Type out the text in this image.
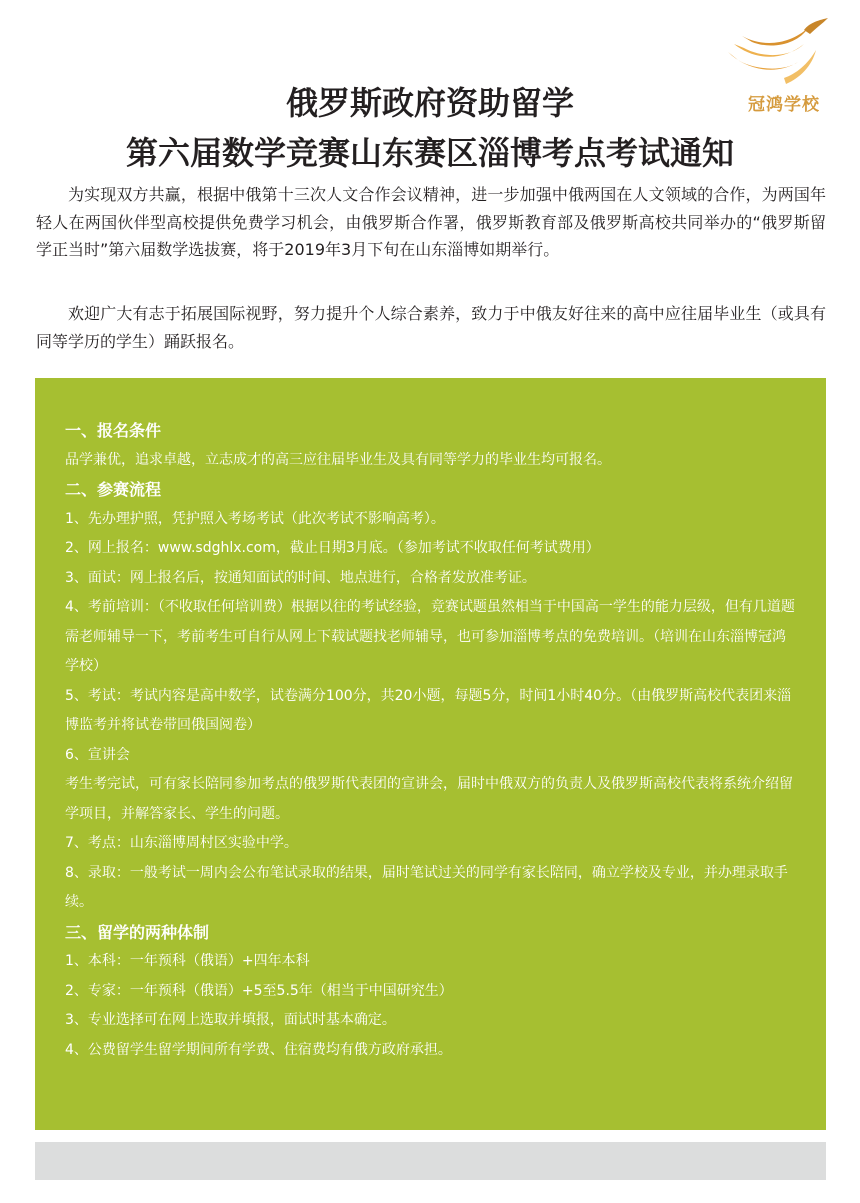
冠鸿学校
俄罗斯政府资助留学
第六届数学竞赛山东赛区淄博考点考试通知

为实现双方共赢，根据中俄第十三次人文合作会议精神，进一步加强中俄两国在人文领域的合作，为两国年轻人在两国伙伴型高校提供免费学习机会，由俄罗斯合作署，俄罗斯教育部及俄罗斯高校共同举办的“俄罗斯留学正当时”第六届数学选拔赛，将于2019年3月下旬在山东淄博如期举行。

欢迎广大有志于拓展国际视野，努力提升个人综合素养，致力于中俄友好往来的高中应往届毕业生（或具有同等学历的学生）踊跃报名。

一、报名条件

品学兼优，追求卓越，立志成才的高三应往届毕业生及具有同等学力的毕业生均可报名。

二、参赛流程

1、先办理护照，凭护照入考场考试（此次考试不影响高考）。

2、网上报名：www.sdghlx.com，截止日期3月底。（参加考试不收取任何考试费用）

3、面试：网上报名后，按通知面试的时间、地点进行，合格者发放准考证。

4、考前培训：（不收取任何培训费）根据以往的考试经验，竞赛试题虽然相当于中国高一学生的能力层级，但有几道题需老师辅导一下，考前考生可自行从网上下载试题找老师辅导，也可参加淄博考点的免费培训。（培训在山东淄博冠鸿学校）

5、考试：考试内容是高中数学，试卷满分100分，共20小题，每题5分，时间1小时40分。（由俄罗斯高校代表团来淄博监考并将试卷带回俄国阅卷）

6、宣讲会

考生考完试，可有家长陪同参加考点的俄罗斯代表团的宣讲会，届时中俄双方的负责人及俄罗斯高校代表将系统介绍留学项目，并解答家长、学生的问题。

7、考点：山东淄博周村区实验中学。

8、录取：一般考试一周内会公布笔试录取的结果，届时笔试过关的同学有家长陪同，确立学校及专业，并办理录取手续。

三、留学的两种体制

1、本科：一年预科（俄语）+四年本科

2、专家：一年预科（俄语）+5至5.5年（相当于中国研究生）

3、专业选择可在网上选取并填报，面试时基本确定。

4、公费留学生留学期间所有学费、住宿费均有俄方政府承担。
